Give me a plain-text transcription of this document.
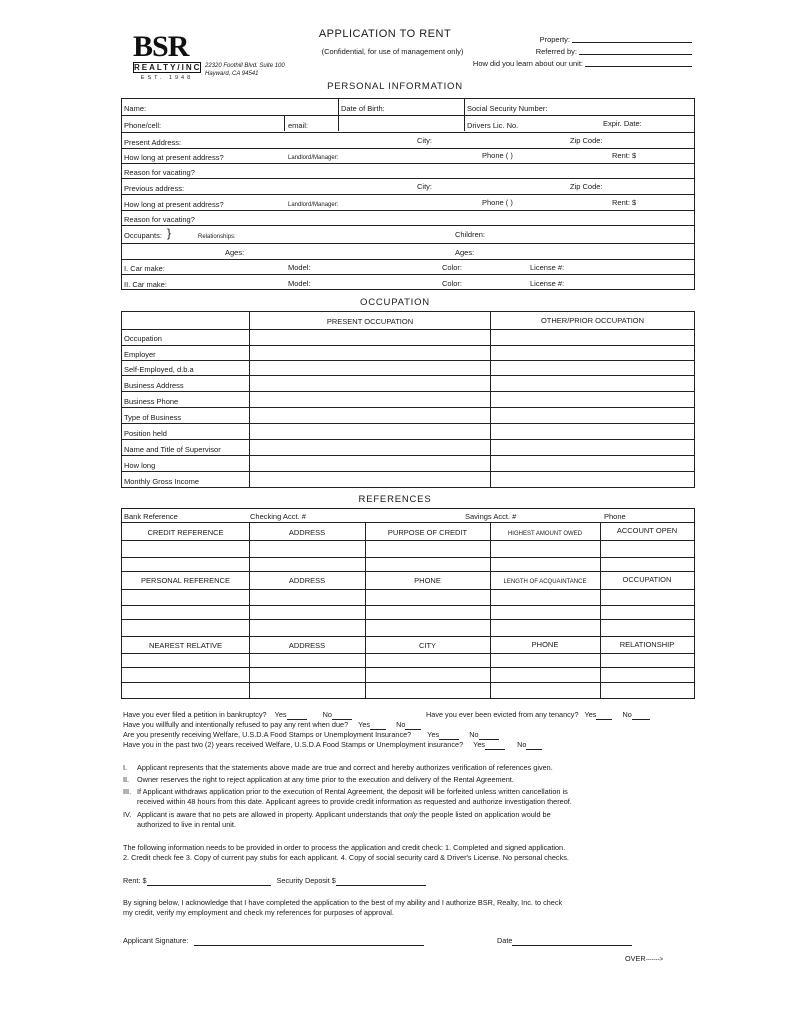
BSR
REALTY/INC
EST. 1948
22320 Foothill Blvd. Suite 100
Hayward, CA 94541
APPLICATION TO RENT
(Confidential, for use of management only)
Property:
Referred by:
How did you learn about our unit:
PERSONAL INFORMATION
Name:	Date of Birth:	Social Security Number:
Phone/cell:	email:	Drivers Lic. No.	Expir. Date:
Present Address:	City:	Zip Code:
How long at present address?	Landlord/Manager:	Phone ( )	Rent: $
Reason for vacating?
Previous address:	City:	Zip Code:
How long at present address?	Landlord/Manager:	Phone ( )	Rent: $
Reason for vacating?
Occupants: }	Relationships:	Children:
Ages:	Ages:
I. Car make:	Model:	Color:	License #:
II. Car make:	Model:	Color:	License #:
OCCUPATION
PRESENT OCCUPATION	OTHER/PRIOR OCCUPATION
Occupation
Employer
Self-Employed, d.b.a
Business Address
Business Phone
Type of Business
Position held
Name and Title of Supervisor
How long
Monthly Gross Income
REFERENCES
Bank Reference	Checking Acct. #	Savings Acct. #	Phone
CREDIT REFERENCE	ADDRESS	PURPOSE OF CREDIT	HIGHEST AMOUNT OWED	ACCOUNT OPEN
PERSONAL REFERENCE	ADDRESS	PHONE	LENGTH OF ACQUAINTANCE	OCCUPATION
NEAREST RELATIVE	ADDRESS	CITY	PHONE	RELATIONSHIP
Have you ever filed a petition in bankruptcy? Yes	No	Have you ever been evicted from any tenancy? Yes	No
Have you willfully and intentionally refused to pay any rent when due? Yes	No
Are you presently receiving Welfare, U.S.D.A Food Stamps or Unemployment Insurance? Yes	No
Have you in the past two (2) years received Welfare, U.S.D.A Food Stamps or Unemployment insurance? Yes	No
I. Applicant represents that the statements above made are true and correct and hereby authorizes verification of references given.
II. Owner reserves the right to reject application at any time prior to the execution and delivery of the Rental Agreement.
III. If Applicant withdraws application prior to the execution of Rental Agreement, the deposit will be forfeited unless written cancellation is
received within 48 hours from this date. Applicant agrees to provide credit information as requested and authorize investigation thereof.
IV. Applicant is aware that no pets are allowed in property. Applicant understands that only the people listed on application would be
authorized to live in rental unit.
The following information needs to be provided in order to process the application and credit check: 1. Completed and signed application.
2. Credit check fee 3. Copy of current pay stubs for each applicant. 4. Copy of social security card & Driver's License. No personal checks.
Rent: $	Security Deposit $
By signing below, I acknowledge that I have completed the application to the best of my ability and I authorize BSR, Realty, Inc. to check
my credit, verify my employment and check my references for purposes of approval.
Applicant Signature:	Date
OVER------->
